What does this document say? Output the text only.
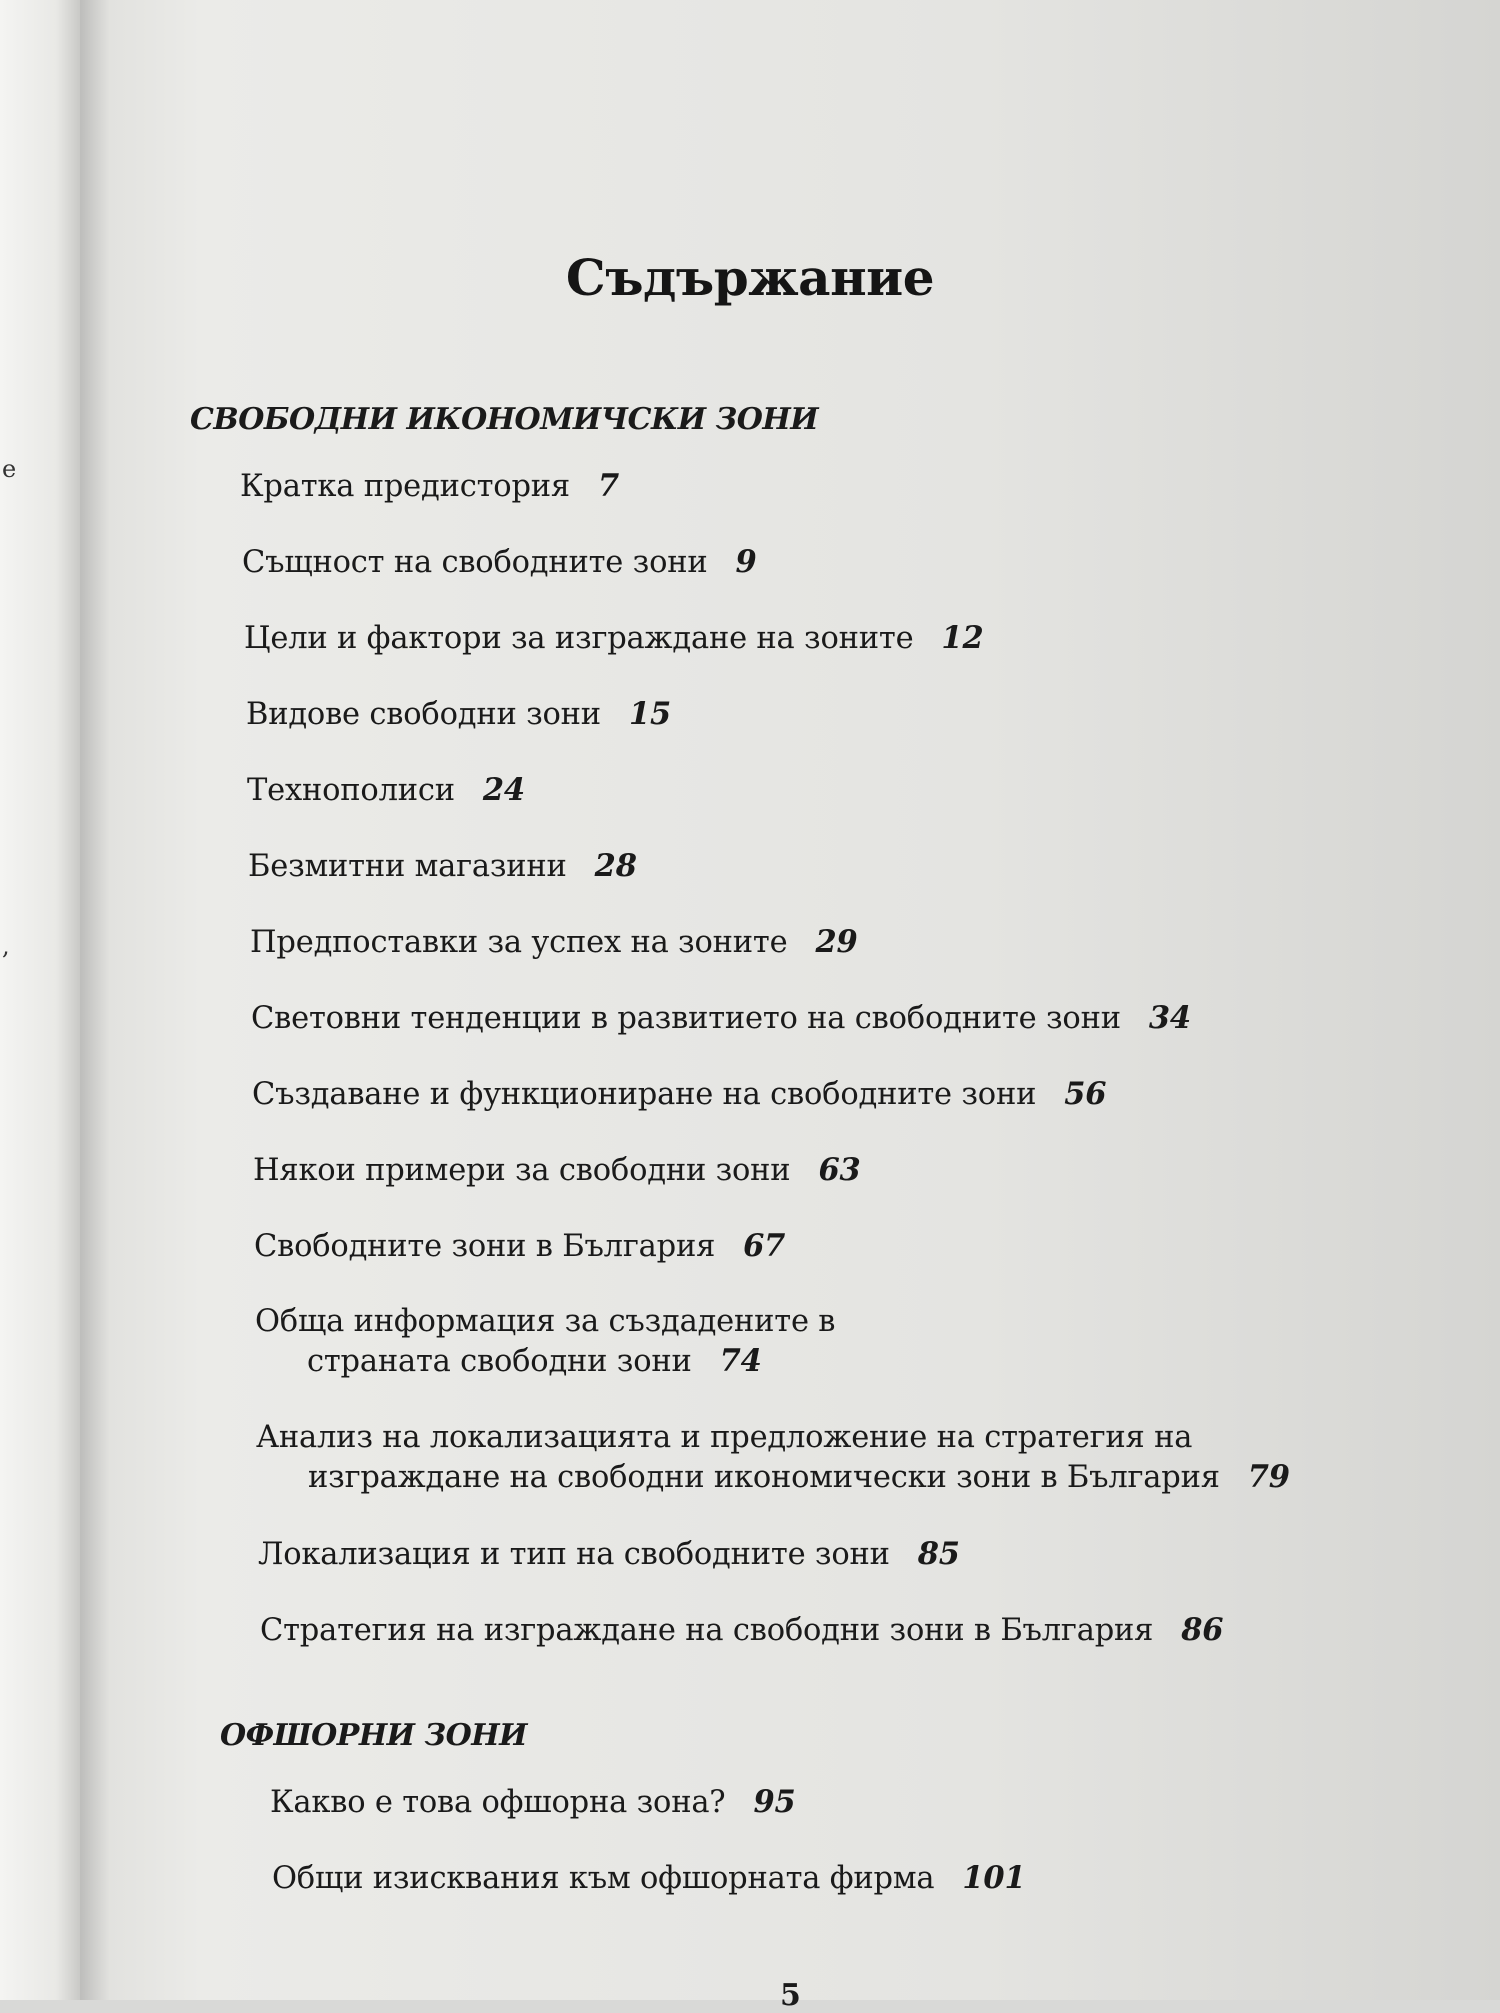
e
,
Съдържание
СВОБОДНИ ИКОНОМИЧСКИ ЗОНИ
Кратка предистория 7
Същност на свободните зони 9
Цели и фактори за изграждане на зоните 12
Видове свободни зони 15
Технополиси 24
Безмитни магазини 28
Предпоставки за успех на зоните 29
Световни тенденции в развитието на свободните зони 34
Създаване и функциониране на свободните зони 56
Някои примери за свободни зони 63
Свободните зони в България 67
Обща информация за създадените в
страната свободни зони 74
Анализ на локализацията и предложение на стратегия на
изграждане на свободни икономически зони в България 79
Локализация и тип на свободните зони 85
Стратегия на изграждане на свободни зони в България 86
ОФШОРНИ ЗОНИ
Какво е това офшорна зона? 95
Общи изисквания към офшорната фирма 101
5
